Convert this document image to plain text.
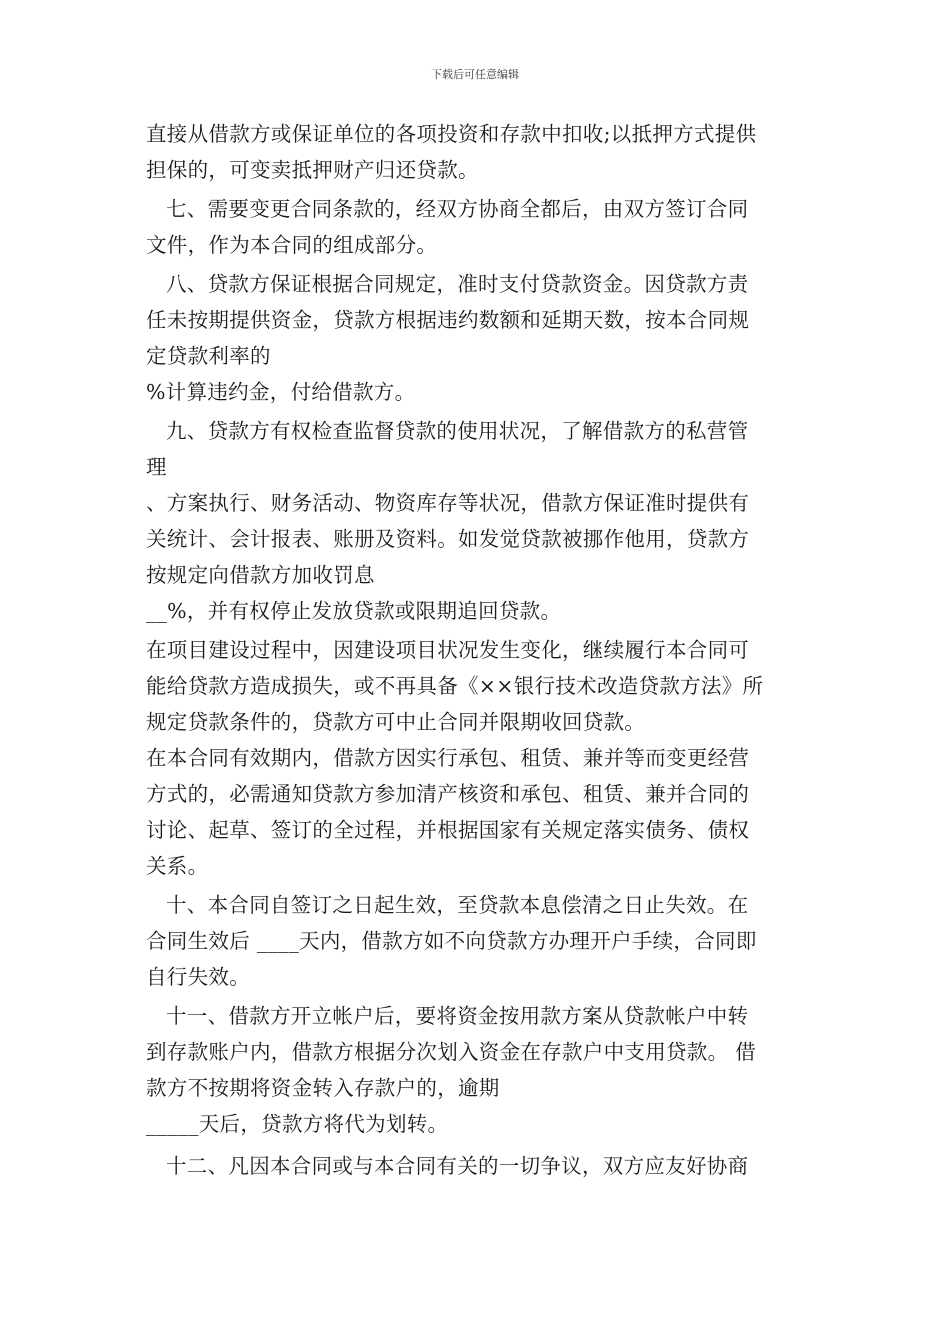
下载后可任意编辑
直接从借款方或保证单位的各项投资和存款中扣收;以抵押方式提供
担保的，可变卖抵押财产归还贷款。
七、需要变更合同条款的，经双方协商全都后，由双方签订合同
文件，作为本合同的组成部分。
八、贷款方保证根据合同规定，准时支付贷款资金。因贷款方责
任未按期提供资金，贷款方根据违约数额和延期天数，按本合同规
定贷款利率的
%计算违约金，付给借款方。
九、贷款方有权检查监督贷款的使用状况，了解借款方的私营管
理
、方案执行、财务活动、物资库存等状况，借款方保证准时提供有
关统计、会计报表、账册及资料。如发觉贷款被挪作他用，贷款方
按规定向借款方加收罚息
__%，并有权停止发放贷款或限期追回贷款。
在项目建设过程中，因建设项目状况发生变化，继续履行本合同可
能给贷款方造成损失，或不再具备《××银行技术改造贷款方法》所
规定贷款条件的，贷款方可中止合同并限期收回贷款。
在本合同有效期内，借款方因实行承包、租赁、兼并等而变更经营
方式的，必需通知贷款方参加清产核资和承包、租赁、兼并合同的
讨论、起草、签订的全过程，并根据国家有关规定落实债务、债权
关系。
十、本合同自签订之日起生效，至贷款本息偿清之日止失效。在
合同生效后 ____天内，借款方如不向贷款方办理开户手续，合同即
自行失效。
十一、借款方开立帐户后，要将资金按用款方案从贷款帐户中转
到存款账户内，借款方根据分次划入资金在存款户中支用贷款。 借
款方不按期将资金转入存款户的，逾期
_____天后，贷款方将代为划转。
十二、凡因本合同或与本合同有关的一切争议，双方应友好协商
